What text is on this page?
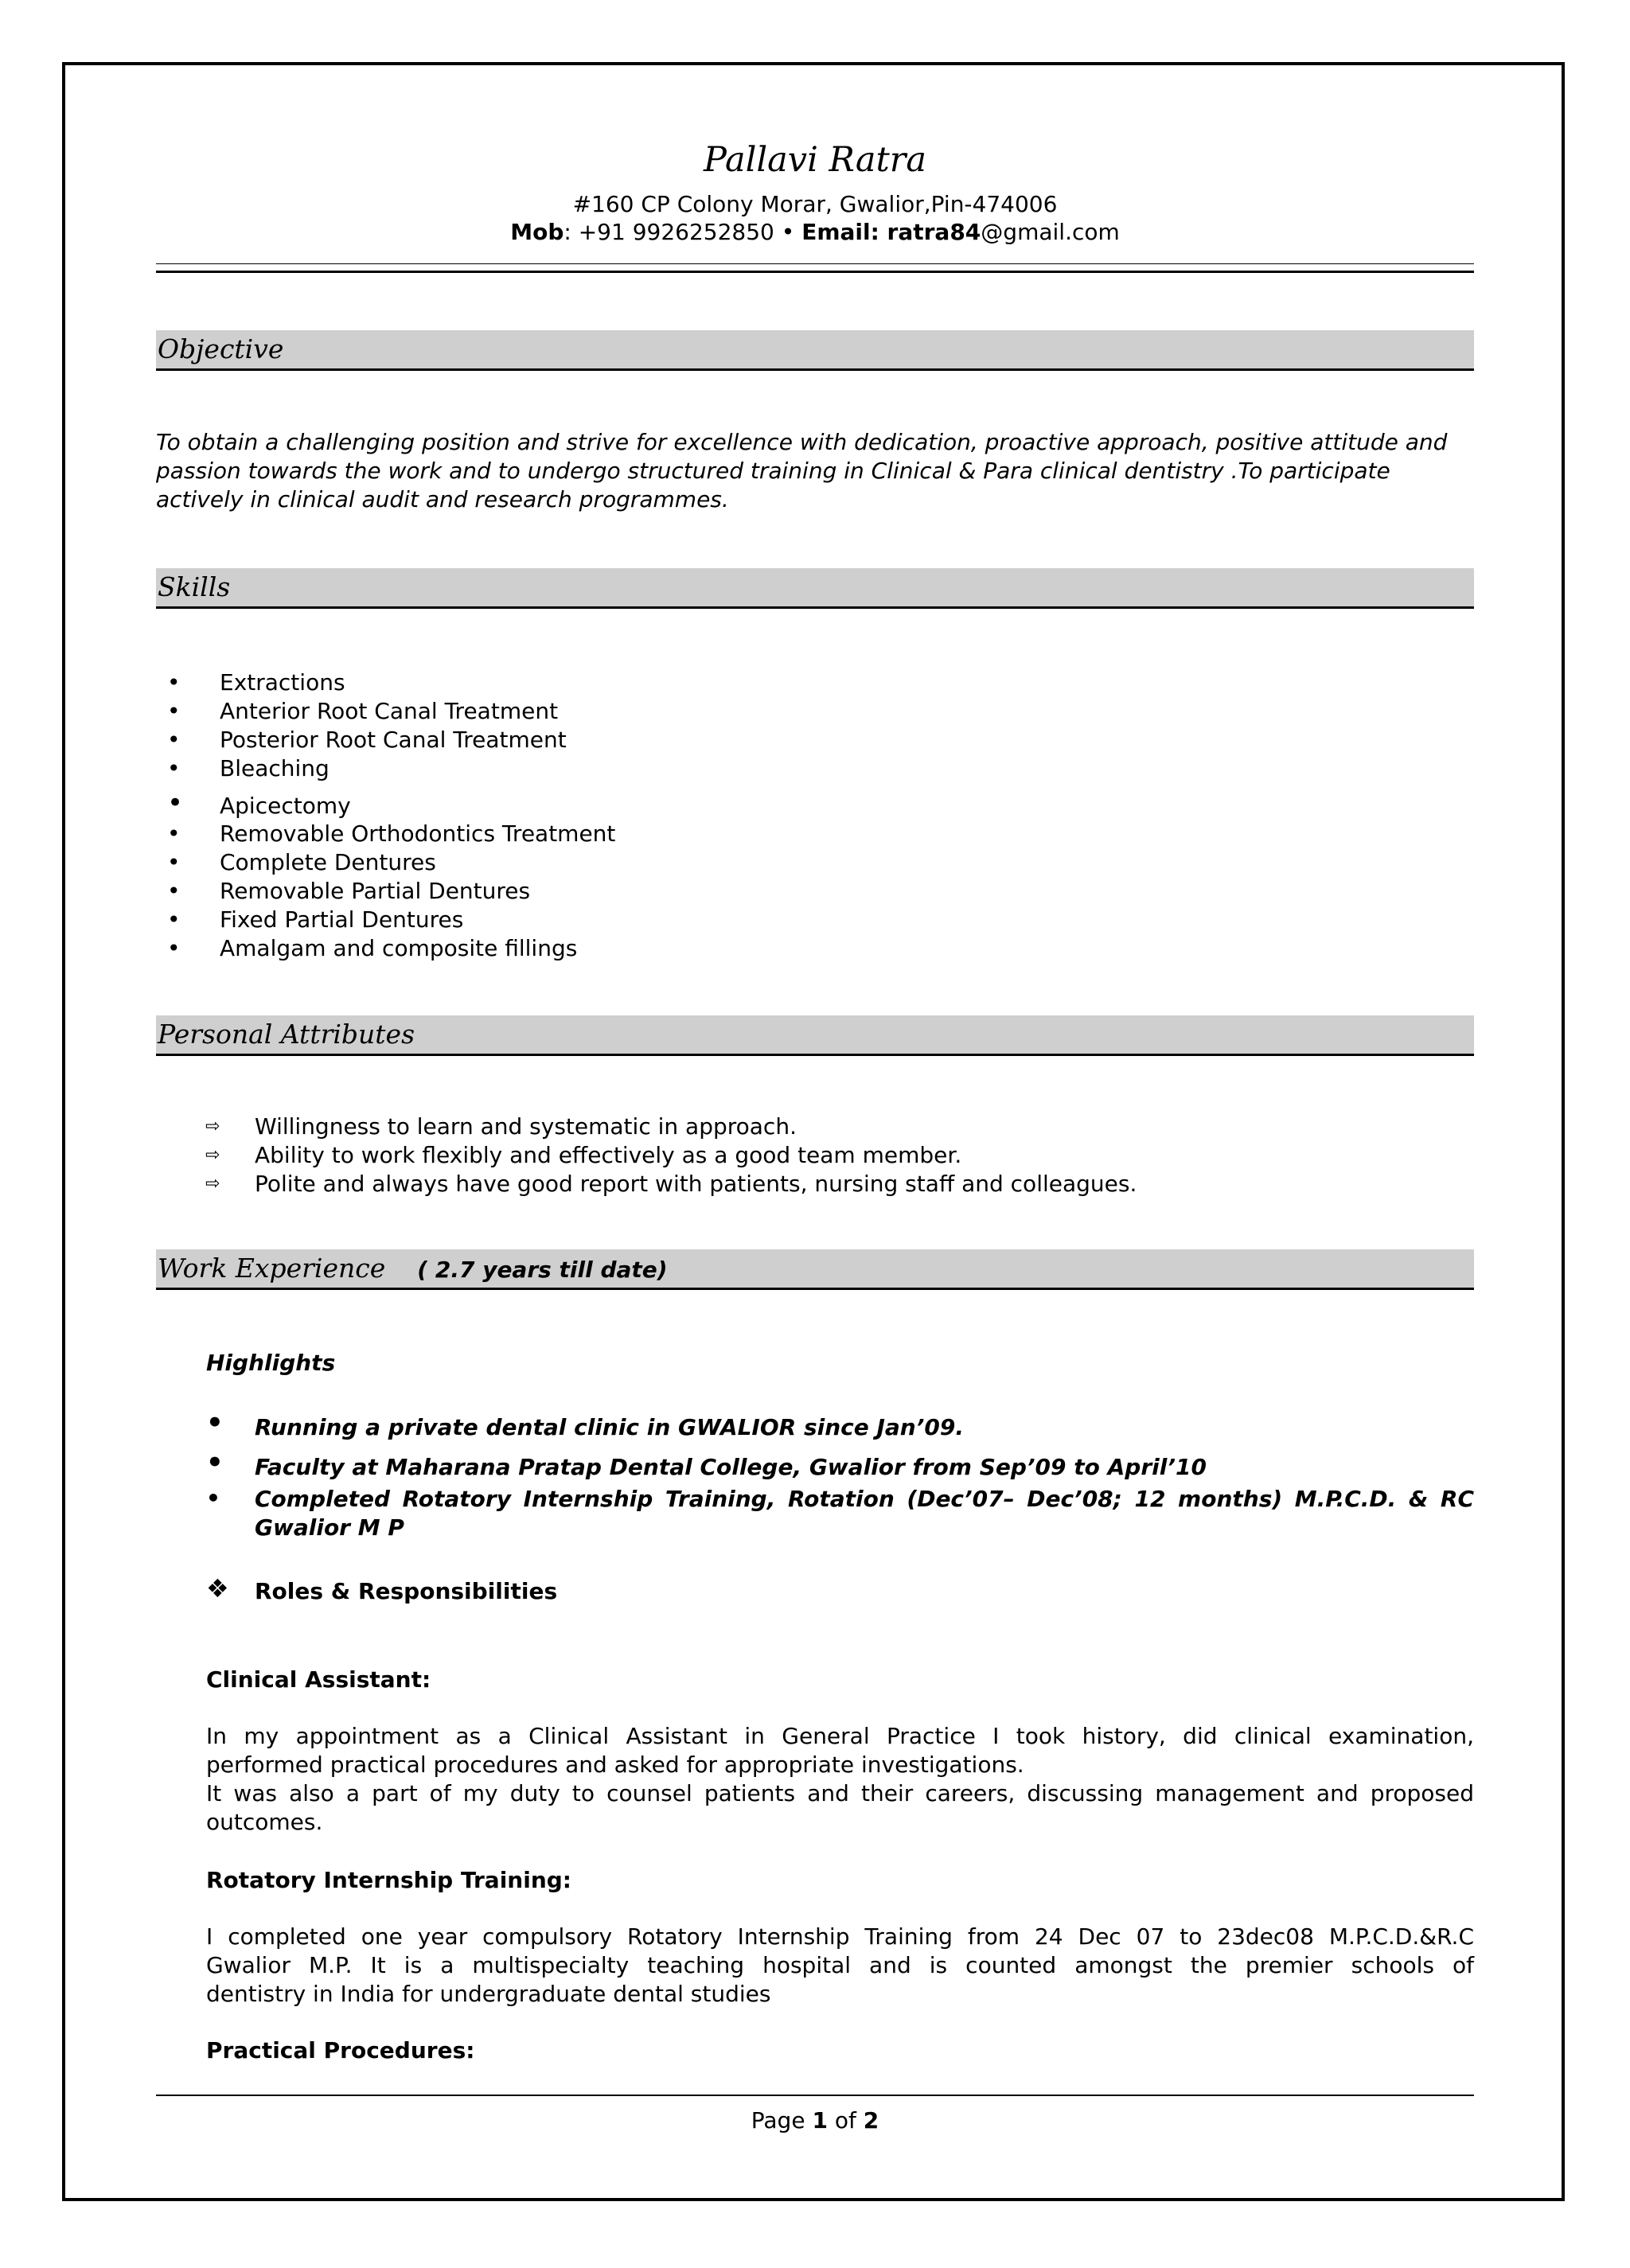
Pallavi Ratra
#160 CP Colony Morar, Gwalior,Pin-474006
Mob: +91 9926252850 • Email: ratra84@gmail.com
Objective
To obtain a challenging position and strive for excellence with dedication, proactive approach, positive attitude and passion towards the work and to undergo structured training in Clinical & Para clinical dentistry .To participate actively in clinical audit and research programmes.
Skills
•	Extractions
•	Anterior Root Canal Treatment
•	Posterior Root Canal Treatment
•	Bleaching
•	Apicectomy
•	Removable Orthodontics Treatment
•	Complete Dentures
•	Removable Partial Dentures
•	Fixed Partial Dentures
•	Amalgam and composite fillings
Personal Attributes
⇨ Willingness to learn and systematic in approach.
⇨ Ability to work flexibly and effectively as a good team member.
⇨ Polite and always have good report with patients, nursing staff and colleagues.
Work Experience ( 2.7 years till date)
Highlights
• Running a private dental clinic in GWALIOR since Jan’09.
• Faculty at Maharana Pratap Dental College, Gwalior from Sep’09 to April’10
• Completed Rotatory Internship Training, Rotation (Dec’07– Dec’08; 12 months) M.P.C.D. & RC Gwalior M P
❖ Roles & Responsibilities
Clinical Assistant:
In my appointment as a Clinical Assistant in General Practice I took history, did clinical examination,
performed practical procedures and asked for appropriate investigations.
It was also a part of my duty to counsel patients and their careers, discussing management and proposed
outcomes.
Rotatory Internship Training:
I completed one year compulsory Rotatory Internship Training from 24 Dec 07 to 23dec08 M.P.C.D.&R.C
Gwalior M.P. It is a multispecialty teaching hospital and is counted amongst the premier schools of
dentistry in India for undergraduate dental studies
Practical Procedures:
Page 1 of 2
